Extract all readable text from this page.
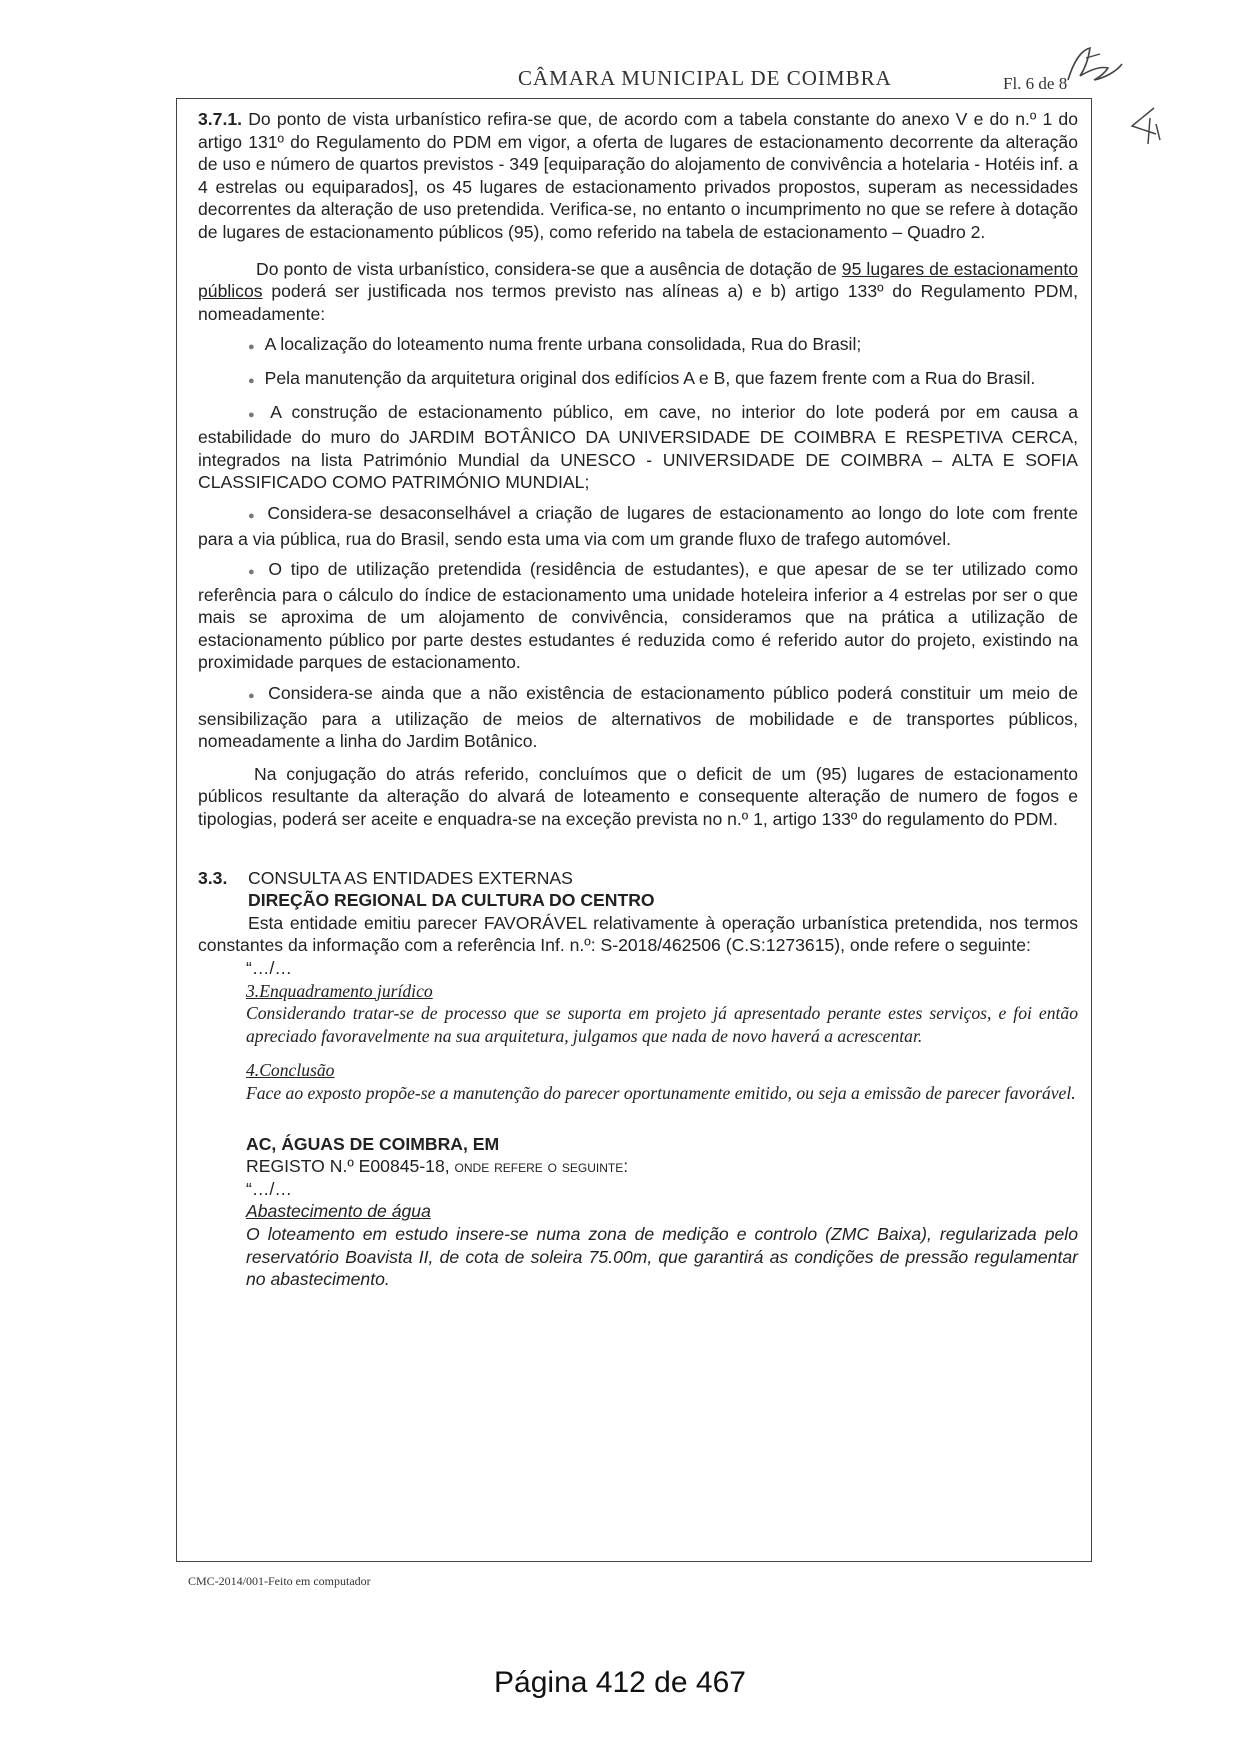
CÂMARA MUNICIPAL DE COIMBRA	Fl. 6 de 8

3.7.1. Do ponto de vista urbanístico refira-se que, de acordo com a tabela constante do anexo V e do n.º 1 do artigo 131º do Regulamento do PDM em vigor, a oferta de lugares de estacionamento decorrente da alteração de uso e número de quartos previstos - 349 [equiparação do alojamento de convivência a hotelaria - Hotéis inf. a 4 estrelas ou equiparados], os 45 lugares de estacionamento privados propostos, superam as necessidades decorrentes da alteração de uso pretendida. Verifica-se, no entanto o incumprimento no que se refere à dotação de lugares de estacionamento públicos (95), como referido na tabela de estacionamento – Quadro 2.

Do ponto de vista urbanístico, considera-se que a ausência de dotação de 95 lugares de estacionamento públicos poderá ser justificada nos termos previsto nas alíneas a) e b) artigo 133º do Regulamento PDM, nomeadamente:

● A localização do loteamento numa frente urbana consolidada, Rua do Brasil;
● Pela manutenção da arquitetura original dos edifícios A e B, que fazem frente com a Rua do Brasil.
● A construção de estacionamento público, em cave, no interior do lote poderá por em causa a estabilidade do muro do JARDIM BOTÂNICO DA UNIVERSIDADE DE COIMBRA E RESPETIVA CERCA, integrados na lista Património Mundial da UNESCO - UNIVERSIDADE DE COIMBRA – ALTA E SOFIA CLASSIFICADO COMO PATRIMÓNIO MUNDIAL;
● Considera-se desaconselhável a criação de lugares de estacionamento ao longo do lote com frente para a via pública, rua do Brasil, sendo esta uma via com um grande fluxo de trafego automóvel.
● O tipo de utilização pretendida (residência de estudantes), e que apesar de se ter utilizado como referência para o cálculo do índice de estacionamento uma unidade hoteleira inferior a 4 estrelas por ser o que mais se aproxima de um alojamento de convivência, consideramos que na prática a utilização de estacionamento público por parte destes estudantes é reduzida como é referido autor do projeto, existindo na proximidade parques de estacionamento.
● Considera-se ainda que a não existência de estacionamento público poderá constituir um meio de sensibilização para a utilização de meios de alternativos de mobilidade e de transportes públicos, nomeadamente a linha do Jardim Botânico.

Na conjugação do atrás referido, concluímos que o deficit de um (95) lugares de estacionamento públicos resultante da alteração do alvará de loteamento e consequente alteração de numero de fogos e tipologias, poderá ser aceite e enquadra-se na exceção prevista no n.º 1, artigo 133º do regulamento do PDM.

3.3.	CONSULTA AS ENTIDADES EXTERNAS
DIREÇÃO REGIONAL DA CULTURA DO CENTRO

Esta entidade emitiu parecer FAVORÁVEL relativamente à operação urbanística pretendida, nos termos constantes da informação com a referência Inf. n.º: S-2018/462506 (C.S:1273615), onde refere o seguinte:

“…/…
3.Enquadramento jurídico

Considerando tratar-se de processo que se suporta em projeto já apresentado perante estes serviços, e foi então apreciado favoravelmente na sua arquitetura, julgamos que nada de novo haverá a acrescentar.

4.Conclusão

Face ao exposto propõe-se a manutenção do parecer oportunamente emitido, ou seja a emissão de parecer favorável.

AC, ÁGUAS DE COIMBRA, EM
REGISTO N.º E00845-18, onde refere o seguinte:
“…/…
Abastecimento de água

O loteamento em estudo insere-se numa zona de medição e controlo (ZMC Baixa), regularizada pelo reservatório Boavista II, de cota de soleira 75.00m, que garantirá as condições de pressão regulamentar no abastecimento.

CMC-2014/001-Feito em computador
Página 412 de 467
